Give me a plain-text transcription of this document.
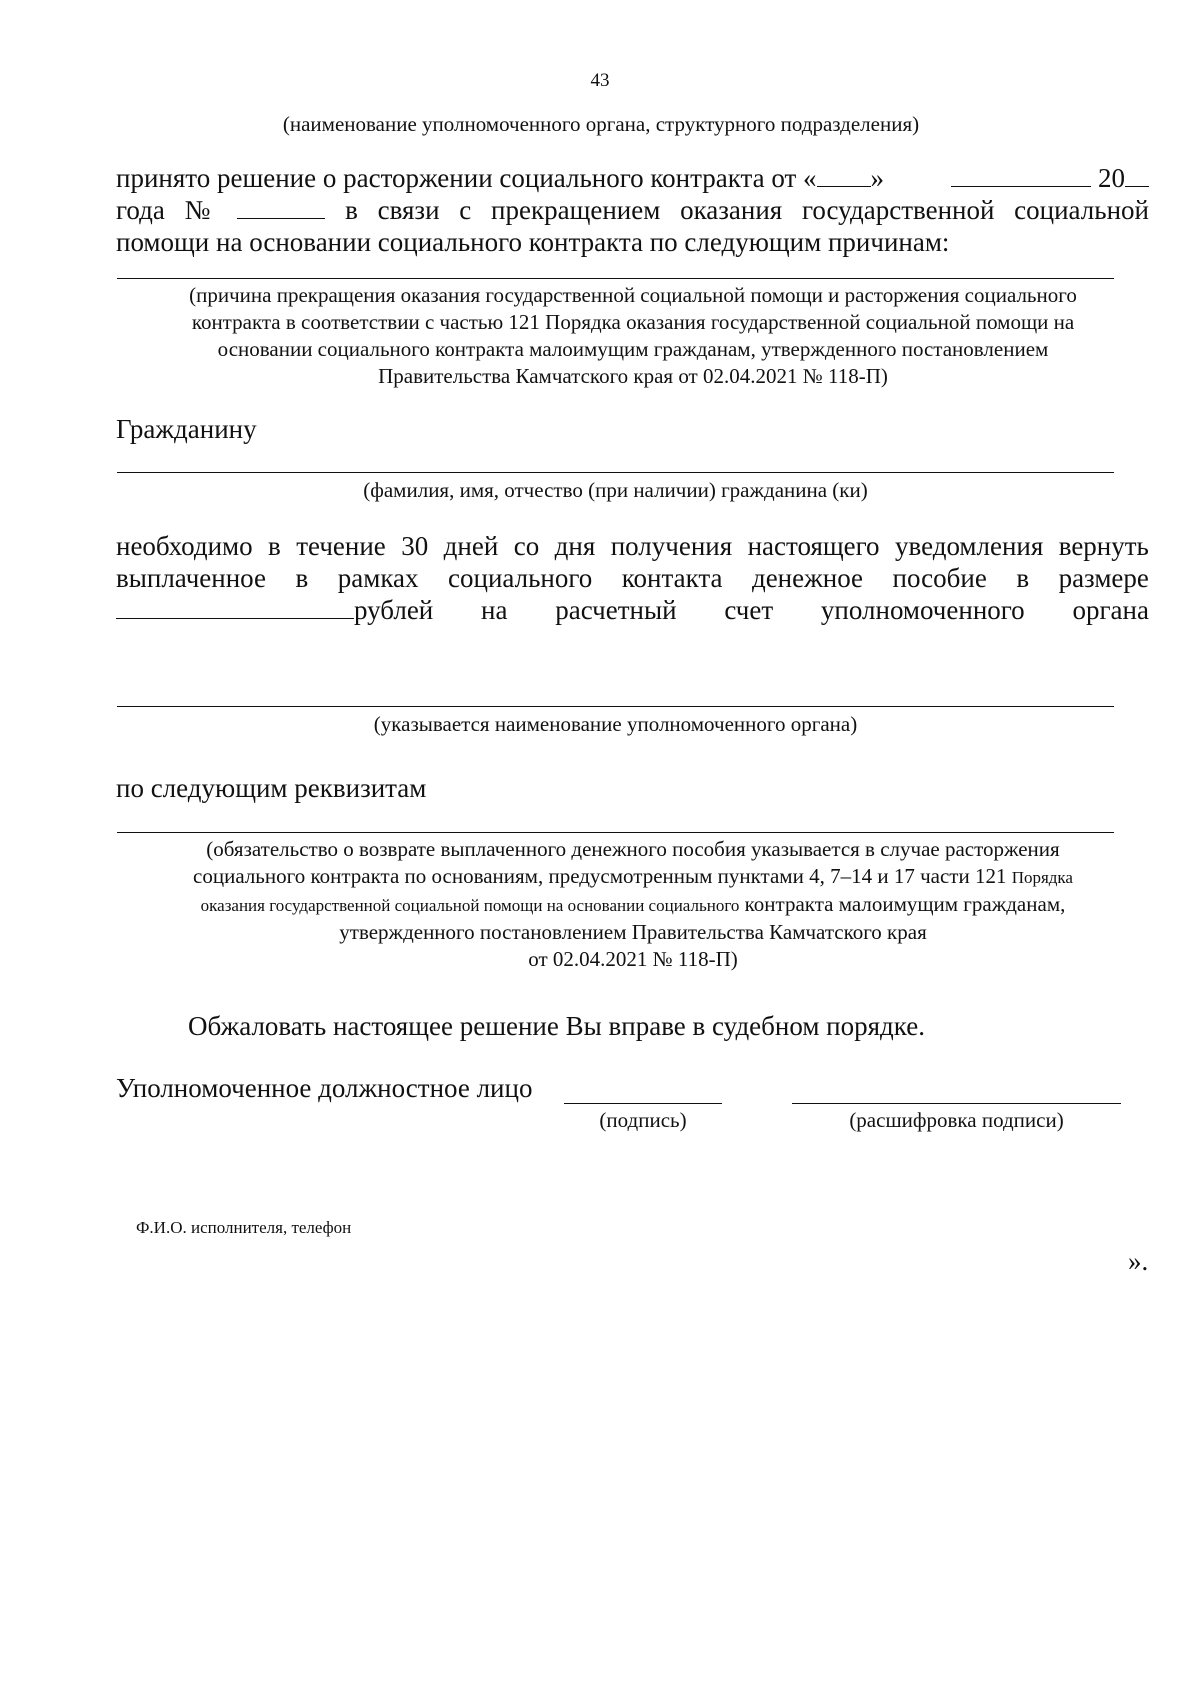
43
(наименование уполномоченного органа, структурного подразделения)
принято решение о расторжении социального контракта от « »	20
года №	в связи с прекращением оказания государственной социальной
помощи на основании социального контракта по следующим причинам:
(причина прекращения оказания государственной социальной помощи и расторжения социального
контракта в соответствии с частью 121 Порядка оказания государственной социальной помощи на
основании социального контракта малоимущим гражданам, утвержденного постановлением
Правительства Камчатского края от 02.04.2021 № 118-П)
Гражданину
(фамилия, имя, отчество (при наличии) гражданина (ки)
необходимо в течение 30 дней со дня получения настоящего уведомления вернуть
выплаченное в рамках социального контакта денежное пособие в размере
рублей на расчетный счет уполномоченного органа
(указывается наименование уполномоченного органа)
по следующим реквизитам
(обязательство о возврате выплаченного денежного пособия указывается в случае расторжения
социального контракта по основаниям, предусмотренным пунктами 4, 7–14 и 17 части 121 Порядка
оказания государственной социальной помощи на основании социального контракта малоимущим гражданам,
утвержденного постановлением Правительства Камчатского края
от 02.04.2021 № 118-П)
Обжаловать настоящее решение Вы вправе в судебном порядке.
Уполномоченное должностное лицо
(подпись)	(расшифровка подписи)
Ф.И.О. исполнителя, телефон
».
